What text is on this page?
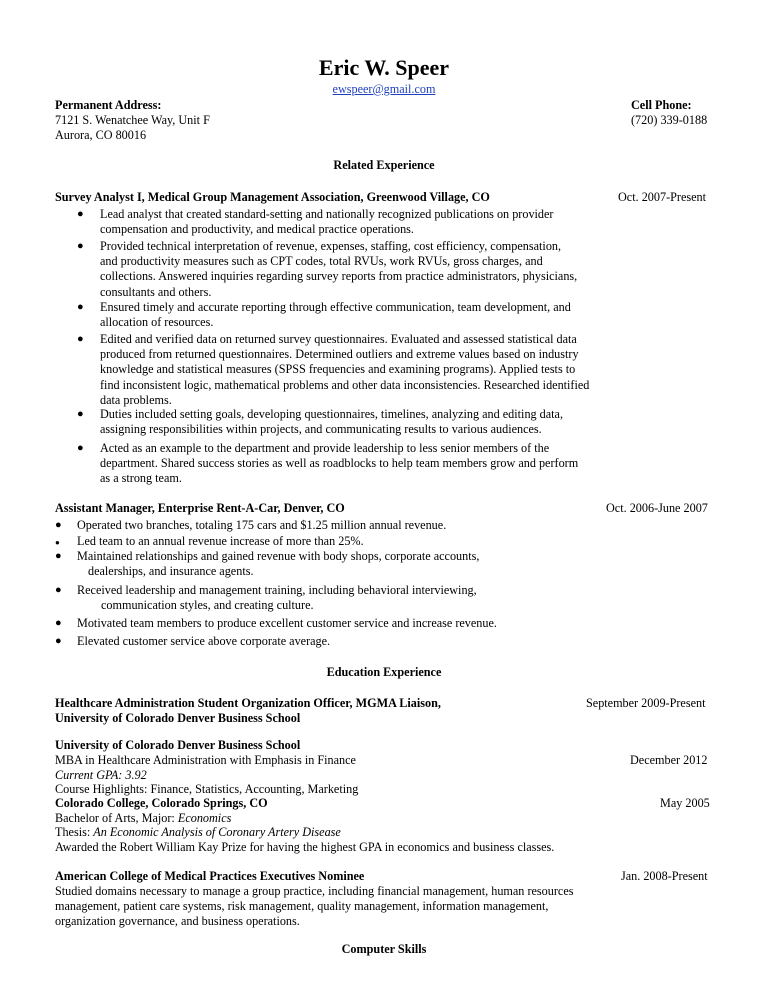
Eric W. Speer
ewspeer@gmail.com
Permanent Address:
7121 S. Wenatchee Way, Unit F
Aurora, CO 80016
Cell Phone:
(720) 339-0188
Related Experience
Survey Analyst I, Medical Group Management Association, Greenwood Village, CO	Oct. 2007-Present
● Lead analyst that created standard-setting and nationally recognized publications on provider
compensation and productivity, and medical practice operations.
● Provided technical interpretation of revenue, expenses, staffing, cost efficiency, compensation,
and productivity measures such as CPT codes, total RVUs, work RVUs, gross charges, and
collections. Answered inquiries regarding survey reports from practice administrators, physicians,
consultants and others.
● Ensured timely and accurate reporting through effective communication, team development, and
allocation of resources.
● Edited and verified data on returned survey questionnaires. Evaluated and assessed statistical data
produced from returned questionnaires. Determined outliers and extreme values based on industry
knowledge and statistical measures (SPSS frequencies and examining programs). Applied tests to
find inconsistent logic, mathematical problems and other data inconsistencies. Researched identified
data problems.
● Duties included setting goals, developing questionnaires, timelines, analyzing and editing data,
assigning responsibilities within projects, and communicating results to various audiences.
● Acted as an example to the department and provide leadership to less senior members of the
department. Shared success stories as well as roadblocks to help team members grow and perform
as a strong team.
Assistant Manager, Enterprise Rent-A-Car, Denver, CO	Oct. 2006-June 2007
● Operated two branches, totaling 175 cars and $1.25 million annual revenue.
● Led team to an annual revenue increase of more than 25%.
● Maintained relationships and gained revenue with body shops, corporate accounts,
dealerships, and insurance agents.
● Received leadership and management training, including behavioral interviewing,
communication styles, and creating culture.
● Motivated team members to produce excellent customer service and increase revenue.
● Elevated customer service above corporate average.
Education Experience
Healthcare Administration Student Organization Officer, MGMA Liaison,
University of Colorado Denver Business School
September 2009-Present
University of Colorado Denver Business School
MBA in Healthcare Administration with Emphasis in Finance	December 2012
Current GPA: 3.92
Course Highlights: Finance, Statistics, Accounting, Marketing
Colorado College, Colorado Springs, CO	May 2005
Bachelor of Arts, Major: Economics
Thesis: An Economic Analysis of Coronary Artery Disease
Awarded the Robert William Kay Prize for having the highest GPA in economics and business classes.
American College of Medical Practices Executives Nominee	Jan. 2008-Present
Studied domains necessary to manage a group practice, including financial management, human resources
management, patient care systems, risk management, quality management, information management,
organization governance, and business operations.
Computer Skills
